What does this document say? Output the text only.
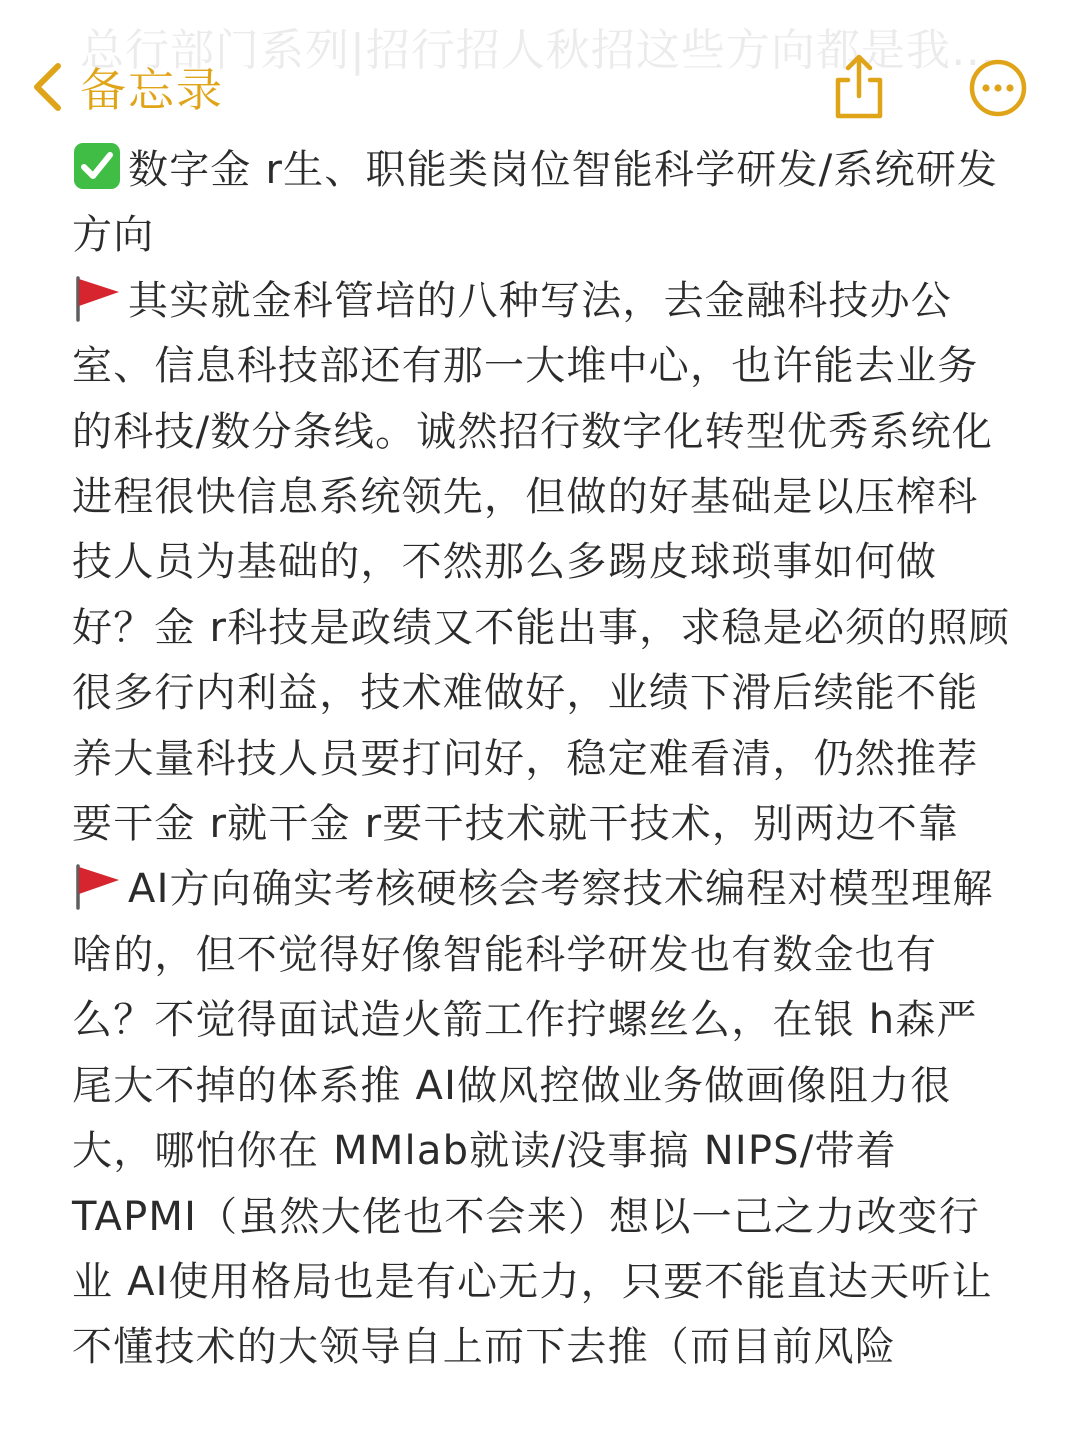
总行部门系列|招行招人秋招这些方向都是我…
备忘录

数字金 r生、职能类岗位智能科学研发/系统研发方向

其实就金科管培的八种写法，去金融科技办公室、信息科技部还有那一大堆中心，也许能去业务的科技/数分条线。诚然招行数字化转型优秀系统化进程很快信息系统领先，但做的好基础是以压榨科技人员为基础的，不然那么多踢皮球琐事如何做好？金 r科技是政绩又不能出事，求稳是必须的照顾很多行内利益，技术难做好，业绩下滑后续能不能养大量科技人员要打问好，稳定难看清，仍然推荐要干金 r就干金 r要干技术就干技术，别两边不靠

AI方向确实考核硬核会考察技术编程对模型理解啥的，但不觉得好像智能科学研发也有数金也有么？不觉得面试造火箭工作拧螺丝么，在银 h森严尾大不掉的体系推 AI做风控做业务做画像阻力很大，哪怕你在 MMlab就读/没事搞 NIPS/带着 TAPMI（虽然大佬也不会来）想以一己之力改变行业 AI使用格局也是有心无力，只要不能直达天听让不懂技术的大领导自上而下去推（而目前风险
